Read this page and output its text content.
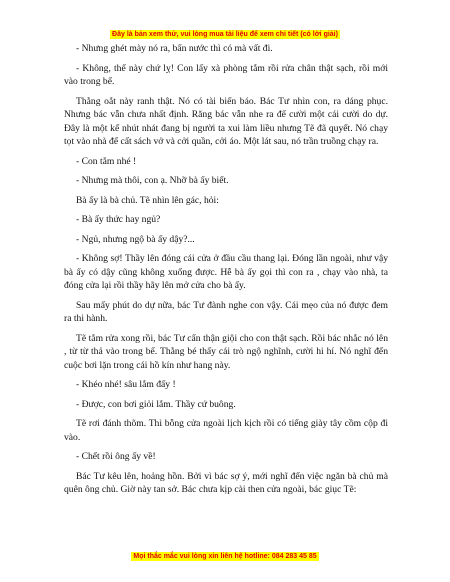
Đây là bản xem thử, vui lòng mua tài liệu để xem chi tiết (có lời giải)

- Nhưng ghét mày nó ra, bẩn nước thì có mà vất đi.

- Không, thế này chứ lỵ! Con lấy xà phòng tắm rồi rửa chân thật sạch, rồi mới vào trong bể.

Thằng oắt này ranh thật. Nó có tài biến báo. Bác Tư nhìn con, ra dáng phục. Nhưng bác vẫn chưa nhất định. Răng bác vẫn nhe ra để cười một cái cười do dự. Đây là một kế nhút nhát đang bị người ta xui làm liều nhưng Tẽ đã quyết. Nó chạy tọt vào nhà để cất sách vở và cởi quần, cởi áo. Một lát sau, nó trần truồng chạy ra.

- Con tắm nhé !

- Nhưng mà thôi, con ạ. Nhỡ bà ấy biết.

Bà ấy là bà chủ. Tẽ nhìn lên gác, hỏi:

- Bà ấy thức hay ngủ?

- Ngủ, nhưng ngộ bà ấy dậy?...

- Không sợ! Thầy lên đóng cái cửa ở đầu cầu thang lại. Đóng lần ngoài, như vậy bà ấy có dậy cũng không xuống được. Hễ bà ấy gọi thì con ra , chạy vào nhà, ta đóng cửa lại rồi thầy hãy lên mở cửa cho bà ấy.

Sau mấy phút do dự nữa, bác Tư đành nghe con vậy. Cái mẹo của nó được đem ra thi hành.

Tẽ tắm rửa xong rồi, bác Tư cẩn thận giội cho con thật sạch. Rồi bác nhắc nó lên , từ từ thả vào trong bể. Thằng bé thấy cái trò ngộ nghĩnh, cười hi hí. Nó nghĩ đến cuộc bơi lặn trong cái hồ kín như hang này.

- Khéo nhé! sâu lắm đấy !

- Được, con bơi giỏi lắm. Thầy cứ buông.

Tẽ rơi đánh thõm. Thì bỗng cửa ngoài lịch kịch rồi có tiếng giày tây cồm cộp đi vào.

- Chết rồi ông ấy về!

Bác Tư kêu lên, hoảng hồn. Bởi vì bác sợ ý, mới nghĩ đến việc ngăn bà chủ mà quên ông chủ. Giờ này tan sở. Bác chưa kịp cài then cửa ngoài, bác giục Tẽ:

Mọi thắc mắc vui lòng xin liên hệ hotline: 084 283 45 85
